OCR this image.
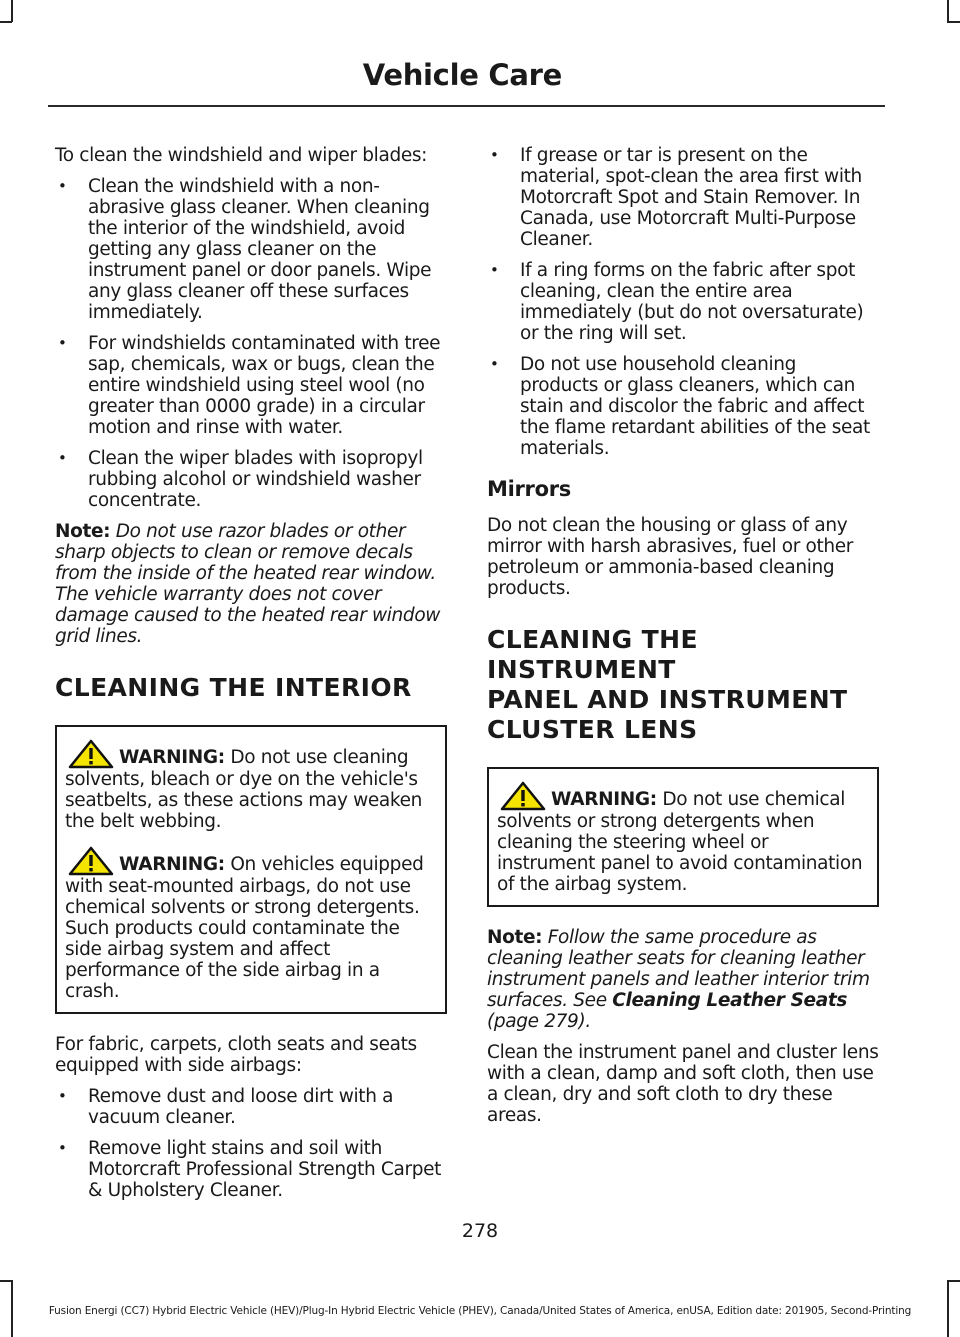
Vehicle Care

To clean the windshield and wiper blades:

• Clean the windshield with a non-abrasive glass cleaner. When cleaning the interior of the windshield, avoid getting any glass cleaner on the instrument panel or door panels. Wipe any glass cleaner off these surfaces immediately.
• For windshields contaminated with tree sap, chemicals, wax or bugs, clean the entire windshield using steel wool (no greater than 0000 grade) in a circular motion and rinse with water.
• Clean the wiper blades with isopropyl rubbing alcohol or windshield washer concentrate.

Note: Do not use razor blades or other sharp objects to clean or remove decals from the inside of the heated rear window. The vehicle warranty does not cover damage caused to the heated rear window grid lines.

CLEANING THE INTERIOR

WARNING: Do not use cleaning solvents, bleach or dye on the vehicle's seatbelts, as these actions may weaken the belt webbing.

WARNING: On vehicles equipped with seat-mounted airbags, do not use chemical solvents or strong detergents. Such products could contaminate the side airbag system and affect performance of the side airbag in a crash.

For fabric, carpets, cloth seats and seats equipped with side airbags:

• Remove dust and loose dirt with a vacuum cleaner.
• Remove light stains and soil with Motorcraft Professional Strength Carpet & Upholstery Cleaner.
• If grease or tar is present on the material, spot-clean the area first with Motorcraft Spot and Stain Remover. In Canada, use Motorcraft Multi-Purpose Cleaner.
• If a ring forms on the fabric after spot cleaning, clean the entire area immediately (but do not oversaturate) or the ring will set.
• Do not use household cleaning products or glass cleaners, which can stain and discolor the fabric and affect the flame retardant abilities of the seat materials.
Mirrors

Do not clean the housing or glass of any mirror with harsh abrasives, fuel or other petroleum or ammonia-based cleaning products.

CLEANING THE INSTRUMENT
PANEL AND INSTRUMENT
CLUSTER LENS

WARNING: Do not use chemical solvents or strong detergents when cleaning the steering wheel or instrument panel to avoid contamination of the airbag system.

Note: Follow the same procedure as cleaning leather seats for cleaning leather instrument panels and leather interior trim surfaces. See Cleaning Leather Seats (page 279).

Clean the instrument panel and cluster lens with a clean, damp and soft cloth, then use a clean, dry and soft cloth to dry these areas.

278
Fusion Energi (CC7) Hybrid Electric Vehicle (HEV)/Plug-In Hybrid Electric Vehicle (PHEV), Canada/United States of America, enUSA, Edition date: 201905, Second-Printing
